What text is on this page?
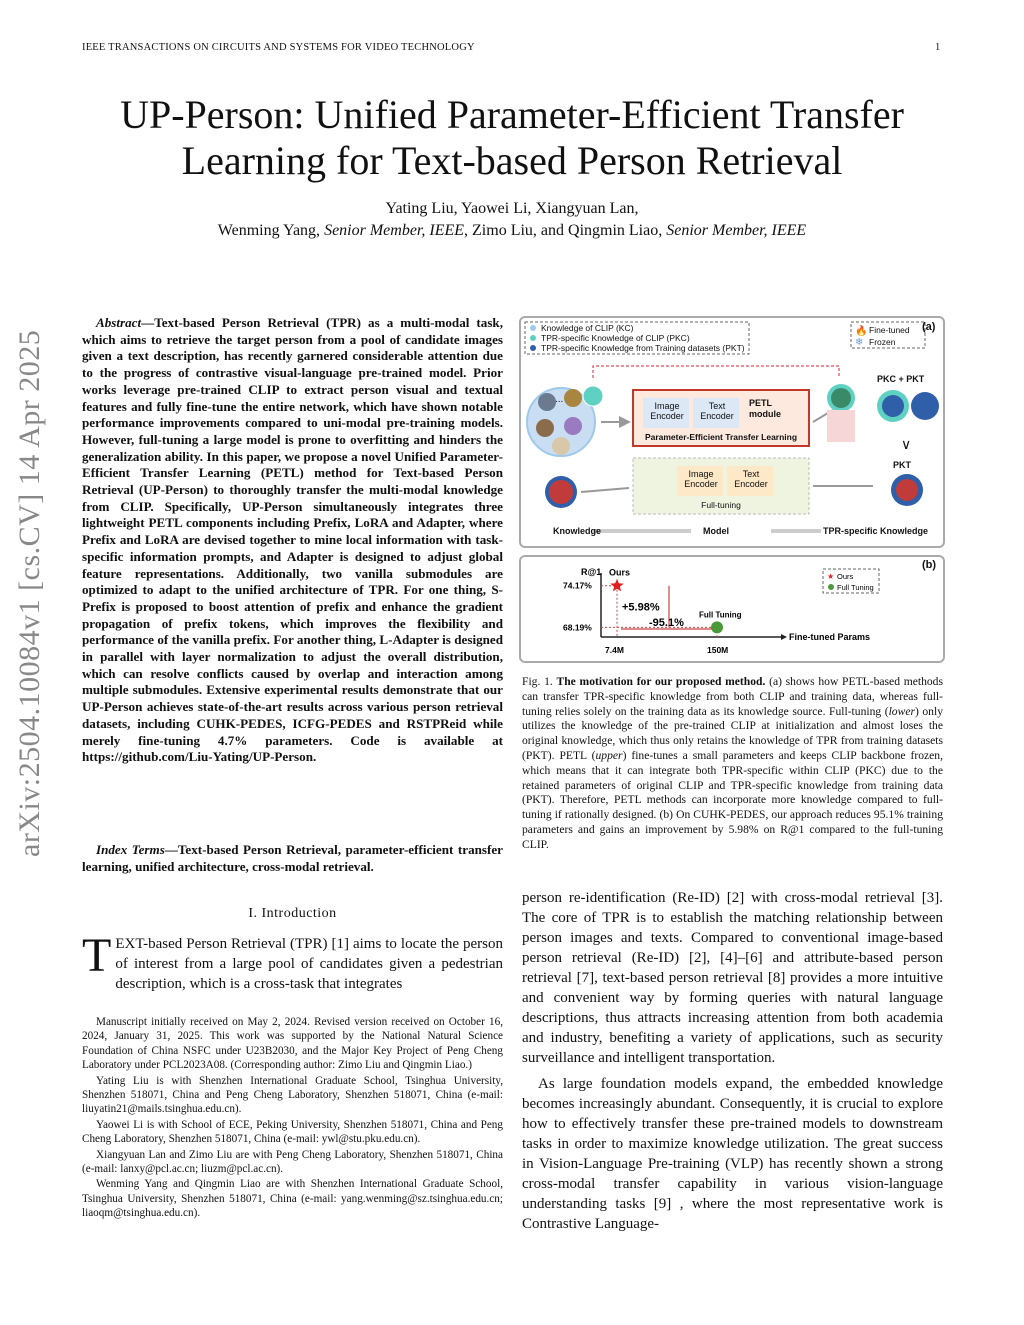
IEEE TRANSACTIONS ON CIRCUITS AND SYSTEMS FOR VIDEO TECHNOLOGY	1
arXiv:2504.10084v1 [cs.CV] 14 Apr 2025
UP-Person: Unified Parameter-Efficient Transfer Learning for Text-based Person Retrieval
Yating Liu, Yaowei Li, Xiangyuan Lan,
Wenming Yang, Senior Member, IEEE, Zimo Liu, and Qingmin Liao, Senior Member, IEEE
Abstract—Text-based Person Retrieval (TPR) as a multi-modal task, which aims to retrieve the target person from a pool of candidate images given a text description, has recently garnered considerable attention due to the progress of contrastive visual-language pre-trained model. Prior works leverage pre-trained CLIP to extract person visual and textual features and fully fine-tune the entire network, which have shown notable performance improvements compared to uni-modal pre-training models. However, full-tuning a large model is prone to overfitting and hinders the generalization ability. In this paper, we propose a novel Unified Parameter-Efficient Transfer Learning (PETL) method for Text-based Person Retrieval (UP-Person) to thoroughly transfer the multi-modal knowledge from CLIP. Specifically, UP-Person simultaneously integrates three lightweight PETL components including Prefix, LoRA and Adapter, where Prefix and LoRA are devised together to mine local information with task-specific information prompts, and Adapter is designed to adjust global feature representations. Additionally, two vanilla submodules are optimized to adapt to the unified architecture of TPR. For one thing, S-Prefix is proposed to boost attention of prefix and enhance the gradient propagation of prefix tokens, which improves the flexibility and performance of the vanilla prefix. For another thing, L-Adapter is designed in parallel with layer normalization to adjust the overall distribution, which can resolve conflicts caused by overlap and interaction among multiple submodules. Extensive experimental results demonstrate that our UP-Person achieves state-of-the-art results across various person retrieval datasets, including CUHK-PEDES, ICFG-PEDES and RSTPReid while merely fine-tuning 4.7% parameters. Code is available at https://github.com/Liu-Yating/UP-Person.
Index Terms—Text-based Person Retrieval, parameter-efficient transfer learning, unified architecture, cross-modal retrieval.
I. Introduction
TEXT-based Person Retrieval (TPR) [1] aims to locate the person of interest from a large pool of candidates given a pedestrian description, which is a cross-task that integrates

Manuscript initially received on May 2, 2024. Revised version received on October 16, 2024, January 31, 2025. This work was supported by the National Natural Science Foundation of China NSFC under U23B2030, and the Major Key Project of Peng Cheng Laboratory under PCL2023A08. (Corresponding author: Zimo Liu and Qingmin Liao.)

Yating Liu is with Shenzhen International Graduate School, Tsinghua University, Shenzhen 518071, China and Peng Cheng Laboratory, Shenzhen 518071, China (e-mail: liuyatin21@mails.tsinghua.edu.cn).

Yaowei Li is with School of ECE, Peking University, Shenzhen 518071, China and Peng Cheng Laboratory, Shenzhen 518071, China (e-mail: ywl@stu.pku.edu.cn).

Xiangyuan Lan and Zimo Liu are with Peng Cheng Laboratory, Shenzhen 518071, China (e-mail: lanxy@pcl.ac.cn; liuzm@pcl.ac.cn).

Wenming Yang and Qingmin Liao are with Shenzhen International Graduate School, Tsinghua University, Shenzhen 518071, China (e-mail: yang.wenming@sz.tsinghua.edu.cn; liaoqm@tsinghua.edu.cn).

🔥
❄
Knowledge of CLIP (KC)
TPR-specific Knowledge of CLIP (PKC)
TPR-specific Knowledge from Training datasets (PKT)
Fine-tuned
Frozen
(a)
...
Image Encoder
Text Encoder
PETL module
Parameter-Efficient Transfer Learning
Image Encoder
Text Encoder
Full-tuning
PKC + PKT
∨
PKT
Knowledge	Model	TPR-specific Knowledge
R@1
Fine-tuned Params
74.17%
68.19%
7.4M	150M
+5.98%
-95.1%
Ours
Full Tuning
★ Ours
Full Tuning
(b)
Fig. 1. The motivation for our proposed method. (a) shows how PETL-based methods can transfer TPR-specific knowledge from both CLIP and training data, whereas full-tuning relies solely on the training data as its knowledge source. Full-tuning (lower) only utilizes the knowledge of the pre-trained CLIP at initialization and almost loses the original knowledge, which thus only retains the knowledge of TPR from training datasets (PKT). PETL (upper) fine-tunes a small parameters and keeps CLIP backbone frozen, which means that it can integrate both TPR-specific within CLIP (PKC) due to the retained parameters of original CLIP and TPR-specific knowledge from training data (PKT). Therefore, PETL methods can incorporate more knowledge compared to full-tuning if rationally designed. (b) On CUHK-PEDES, our approach reduces 95.1% training parameters and gains an improvement by 5.98% on R@1 compared to the full-tuning CLIP.

person re-identification (Re-ID) [2] with cross-modal retrieval [3]. The core of TPR is to establish the matching relationship between person images and texts. Compared to conventional image-based person retrieval (Re-ID) [2], [4]–[6] and attribute-based person retrieval [7], text-based person retrieval [8] provides a more intuitive and convenient way by forming queries with natural language descriptions, thus attracts increasing attention from both academia and industry, benefiting a variety of applications, such as security surveillance and intelligent transportation.

As large foundation models expand, the embedded knowledge becomes increasingly abundant. Consequently, it is crucial to explore how to effectively transfer these pre-trained models to downstream tasks in order to maximize knowledge utilization. The great success in Vision-Language Pre-training (VLP) has recently shown a strong cross-modal transfer capability in various vision-language understanding tasks [9] , where the most representative work is Contrastive Language-
